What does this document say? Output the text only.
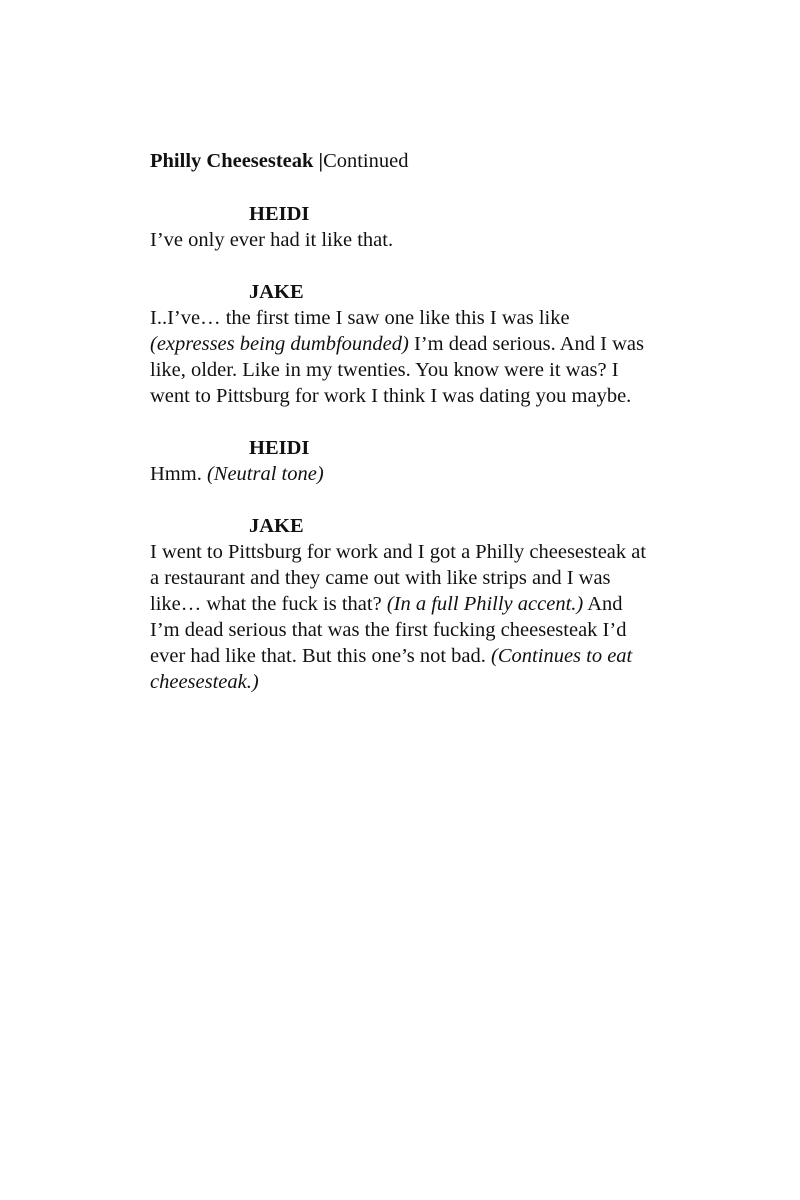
Philly Cheesesteak |Continued

HEIDI

I’ve only ever had it like that.

JAKE

I..I’ve… the first time I saw one like this I was like (expresses being dumbfounded) I’m dead serious. And I was like, older. Like in my twenties. You know were it was? I went to Pittsburg for work I think I was dating you maybe.

HEIDI

Hmm. (Neutral tone)

JAKE

I went to Pittsburg for work and I got a Philly cheesesteak at a restaurant and they came out with like strips and I was like… what the fuck is that? (In a full Philly accent.) And I’m dead serious that was the first fucking cheesesteak I’d ever had like that. But this one’s not bad. (Continues to eat cheesesteak.)
